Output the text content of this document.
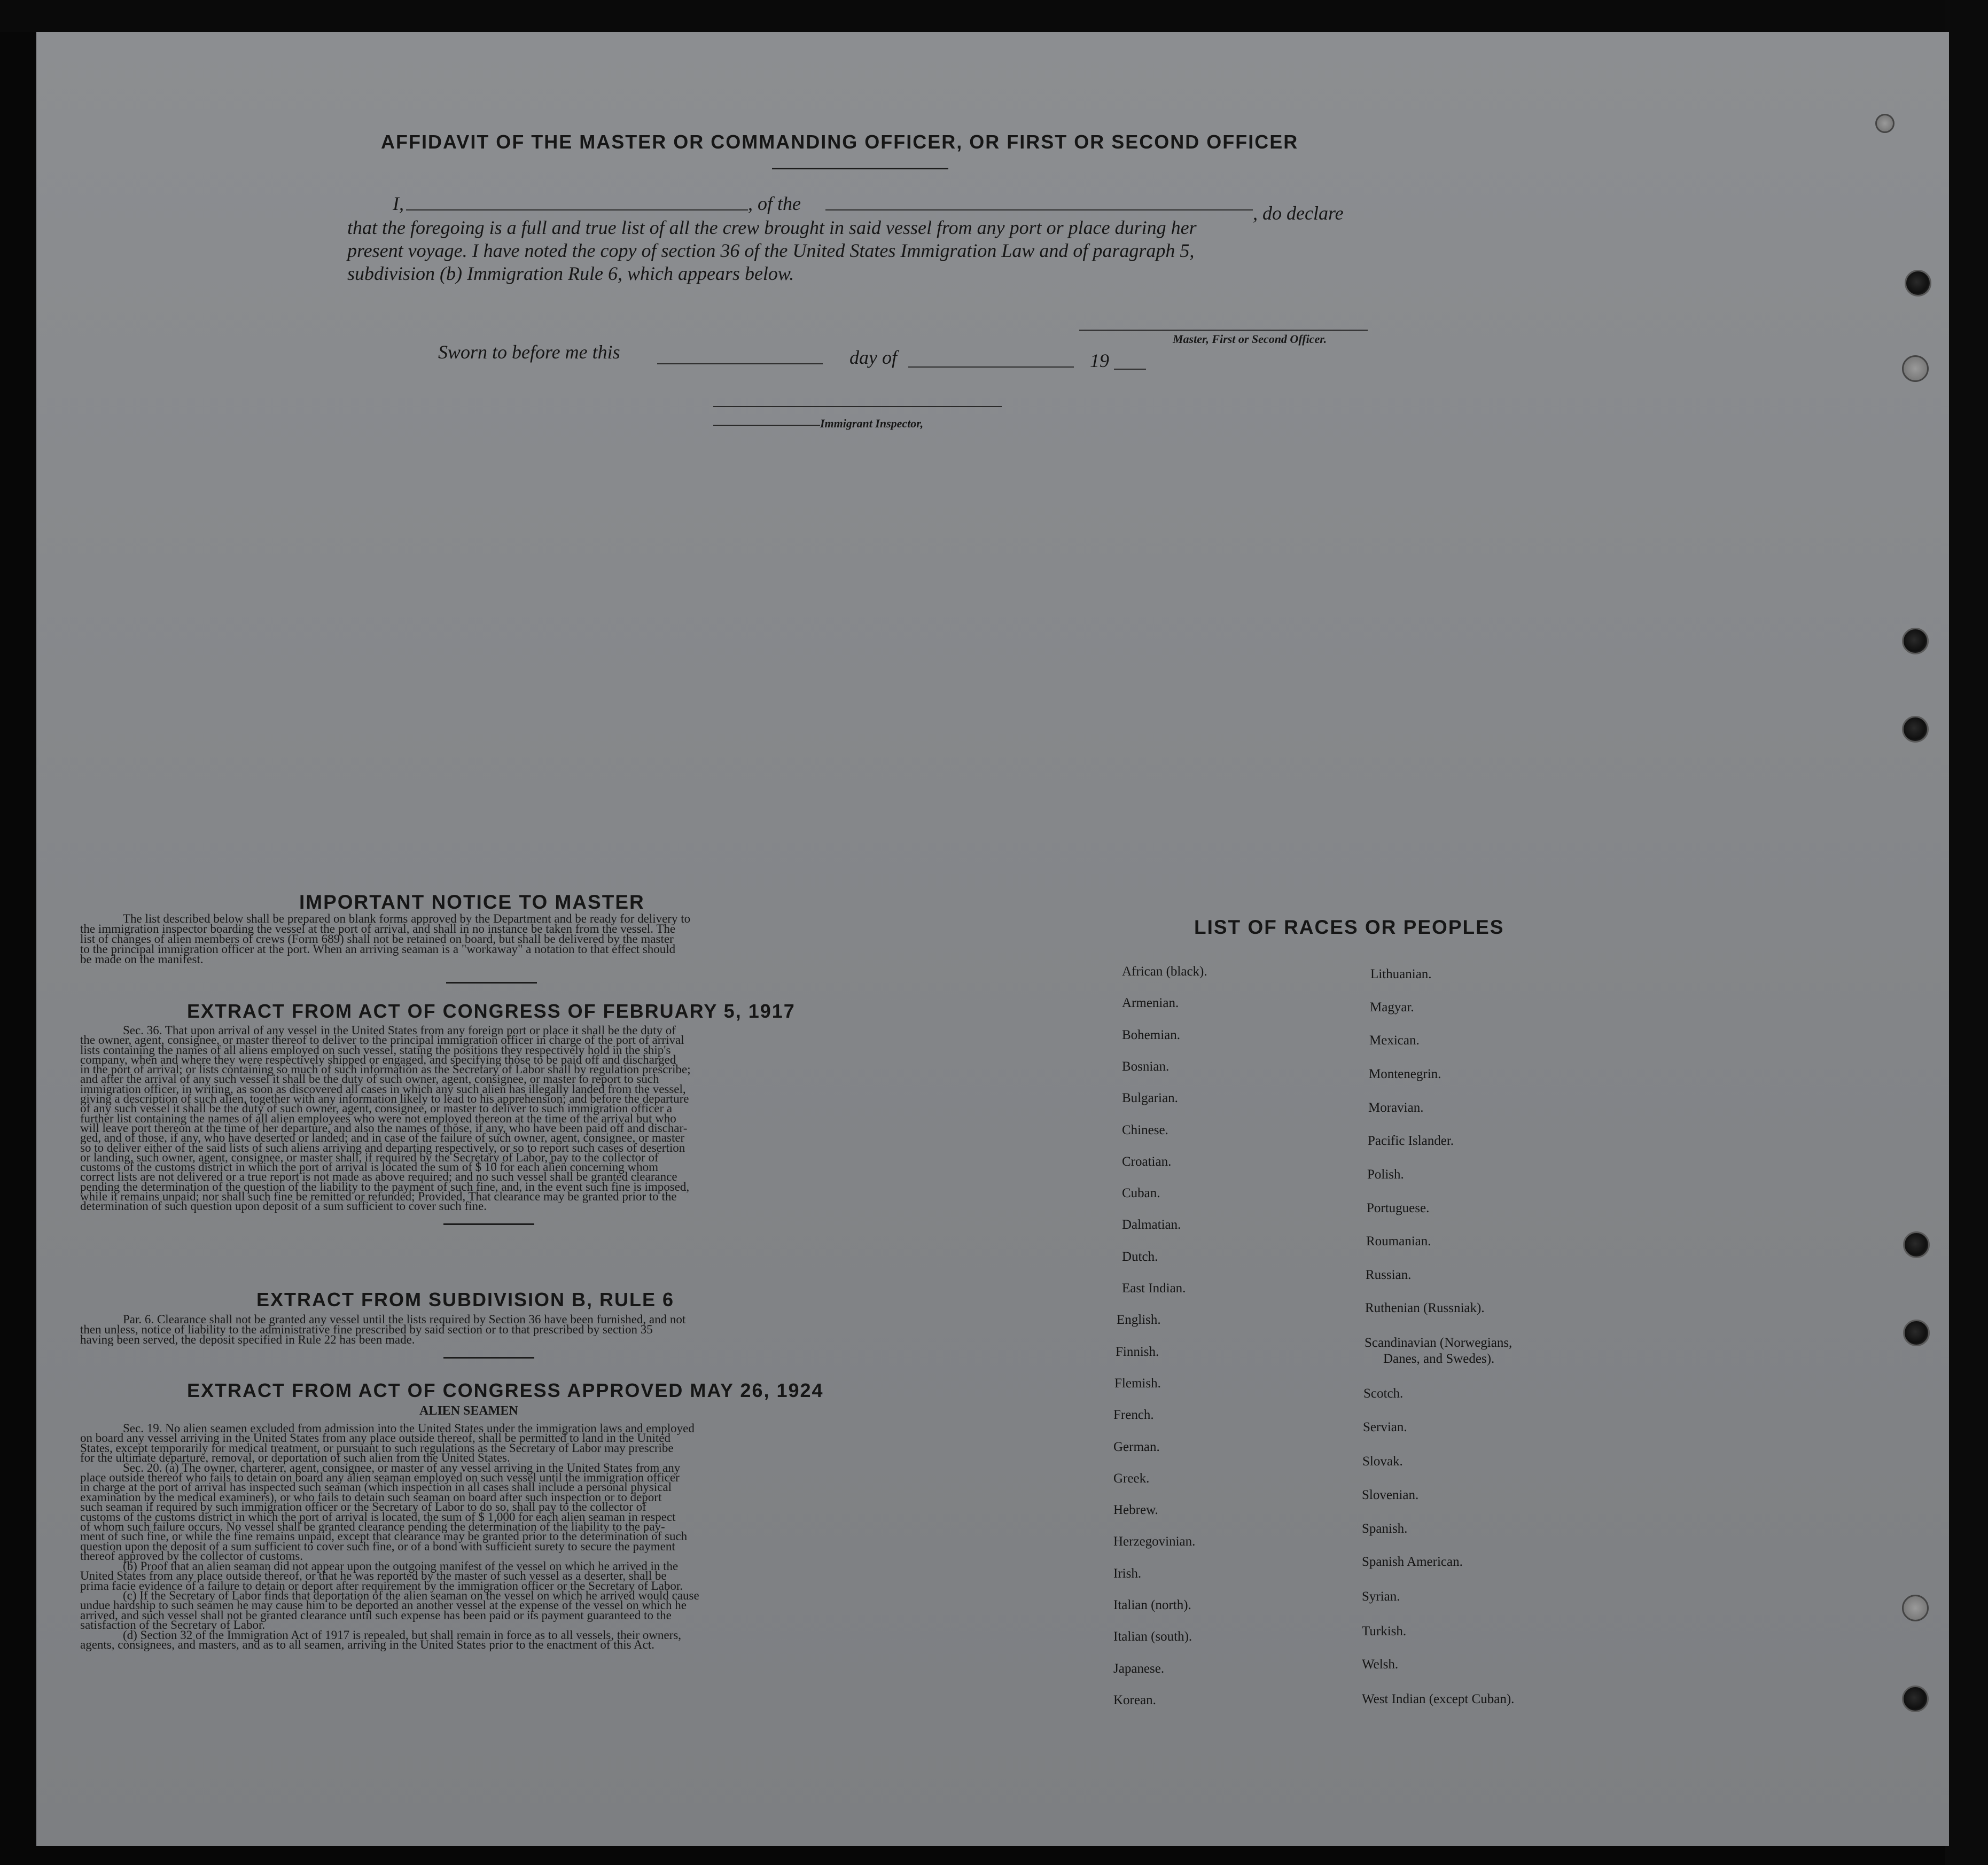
AFFIDAVIT OF THE MASTER OR COMMANDING OFFICER, OR FIRST OR SECOND OFFICER
I,	, of the	, do declare
that the foregoing is a full and true list of all the crew brought in said vessel from any port or place during her
present voyage. I have noted the copy of section 36 of the United States Immigration Law and of paragraph 5,
subdivision (b) Immigration Rule 6, which appears below.
Master, First or Second Officer.
Sworn to before me this	day of	19
Immigrant Inspector,
IMPORTANT NOTICE TO MASTER
The list described below shall be prepared on blank forms approved by the Department and be ready for delivery to
the immigration inspector boarding the vessel at the port of arrival, and shall in no instance be taken from the vessel. The
list of changes of alien members of crews (Form 689) shall not be retained on board, but shall be delivered by the master
to the principal immigration officer at the port. When an arriving seaman is a "workaway" a notation to that effect should
be made on the manifest.
EXTRACT FROM ACT OF CONGRESS OF FEBRUARY 5, 1917
Sec. 36. That upon arrival of any vessel in the United States from any foreign port or place it shall be the duty of
the owner, agent, consignee, or master thereof to deliver to the principal immigration officer in charge of the port of arrival
lists containing the names of all aliens employed on such vessel, stating the positions they respectively hold in the ship's
company, when and where they were respectively shipped or engaged, and specifying those to be paid off and discharged
in the port of arrival; or lists containing so much of such information as the Secretary of Labor shall by regulation prescribe;
and after the arrival of any such vessel it shall be the duty of such owner, agent, consignee, or master to report to such
immigration officer, in writing, as soon as discovered all cases in which any such alien has illegally landed from the vessel,
giving a description of such alien, together with any information likely to lead to his apprehension; and before the departure
of any such vessel it shall be the duty of such owner, agent, consignee, or master to deliver to such immigration officer a
further list containing the names of all alien employees who were not employed thereon at the time of the arrival but who
will leave port thereon at the time of her departure, and also the names of those, if any, who have been paid off and dischar-
ged, and of those, if any, who have deserted or landed; and in case of the failure of such owner, agent, consignee, or master
so to deliver either of the said lists of such aliens arriving and departing respectively, or so to report such cases of desertion
or landing, such owner, agent, consignee, or master shall, if required by the Secretary of Labor, pay to the collector of
customs of the customs district in which the port of arrival is located the sum of $ 10 for each alien concerning whom
correct lists are not delivered or a true report is not made as above required; and no such vessel shall be granted clearance
pending the determination of the question of the liability to the payment of such fine, and, in the event such fine is imposed,
while it remains unpaid; nor shall such fine be remitted or refunded; Provided, That clearance may be granted prior to the
determination of such question upon deposit of a sum sufficient to cover such fine.
EXTRACT FROM SUBDIVISION B, RULE 6
Par. 6. Clearance shall not be granted any vessel until the lists required by Section 36 have been furnished, and not
then unless, notice of liability to the administrative fine prescribed by said section or to that prescribed by section 35
having been served, the deposit specified in Rule 22 has been made.
EXTRACT FROM ACT OF CONGRESS APPROVED MAY 26, 1924
ALIEN SEAMEN
Sec. 19. No alien seamen excluded from admission into the United States under the immigration laws and employed
on board any vessel arriving in the United States from any place outside thereof, shall be permitted to land in the United
States, except temporarily for medical treatment, or pursuant to such regulations as the Secretary of Labor may prescribe
for the ultimate departure, removal, or deportation of such alien from the United States.
Sec. 20. (a) The owner, charterer, agent, consignee, or master of any vessel arriving in the United States from any
place outside thereof who fails to detain on board any alien seaman employed on such vessel until the immigration officer
in charge at the port of arrival has inspected such seaman (which inspection in all cases shall include a personal physical
examination by the medical examiners), or who fails to detain such seaman on board after such inspection or to deport
such seaman if required by such immigration officer or the Secretary of Labor to do so, shall pay to the collector of
customs of the customs district in which the port of arrival is located, the sum of $ 1,000 for each alien seaman in respect
of whom such failure occurs. No vessel shall be granted clearance pending the determination of the liability to the pay-
ment of such fine, or while the fine remains unpaid, except that clearance may be granted prior to the determination of such
question upon the deposit of a sum sufficient to cover such fine, or of a bond with sufficient surety to secure the payment
thereof approved by the collector of customs.
(b) Proof that an alien seaman did not appear upon the outgoing manifest of the vessel on which he arrived in the
United States from any place outside thereof, or that he was reported by the master of such vessel as a deserter, shall be
prima facie evidence of a failure to detain or deport after requirement by the immigration officer or the Secretary of Labor.
(c) If the Secretary of Labor finds that deportation of the alien seaman on the vessel on which he arrived would cause
undue hardship to such seamen he may cause him to be deported an another vessel at the expense of the vessel on which he
arrived, and such vessel shall not be granted clearance until such expense has been paid or its payment guaranteed to the
satisfaction of the Secretary of Labor.
(d) Section 32 of the Immigration Act of 1917 is repealed, but shall remain in force as to all vessels, their owners,
agents, consignees, and masters, and as to all seamen, arriving in the United States prior to the enactment of this Act.
LIST OF RACES OR PEOPLES
African (black).
Armenian.
Bohemian.
Bosnian.
Bulgarian.
Chinese.
Croatian.
Cuban.
Dalmatian.
Dutch.
East Indian.
English.
Finnish.
Flemish.
French.
German.
Greek.
Hebrew.
Herzegovinian.
Irish.
Italian (north).
Italian (south).
Japanese.
Korean.
Lithuanian.
Magyar.
Mexican.
Montenegrin.
Moravian.
Pacific Islander.
Polish.
Portuguese.
Roumanian.
Russian.
Ruthenian (Russniak).
Scandinavian (Norwegians,
Danes, and Swedes).
Scotch.
Servian.
Slovak.
Slovenian.
Spanish.
Spanish American.
Syrian.
Turkish.
Welsh.
West Indian (except Cuban).
